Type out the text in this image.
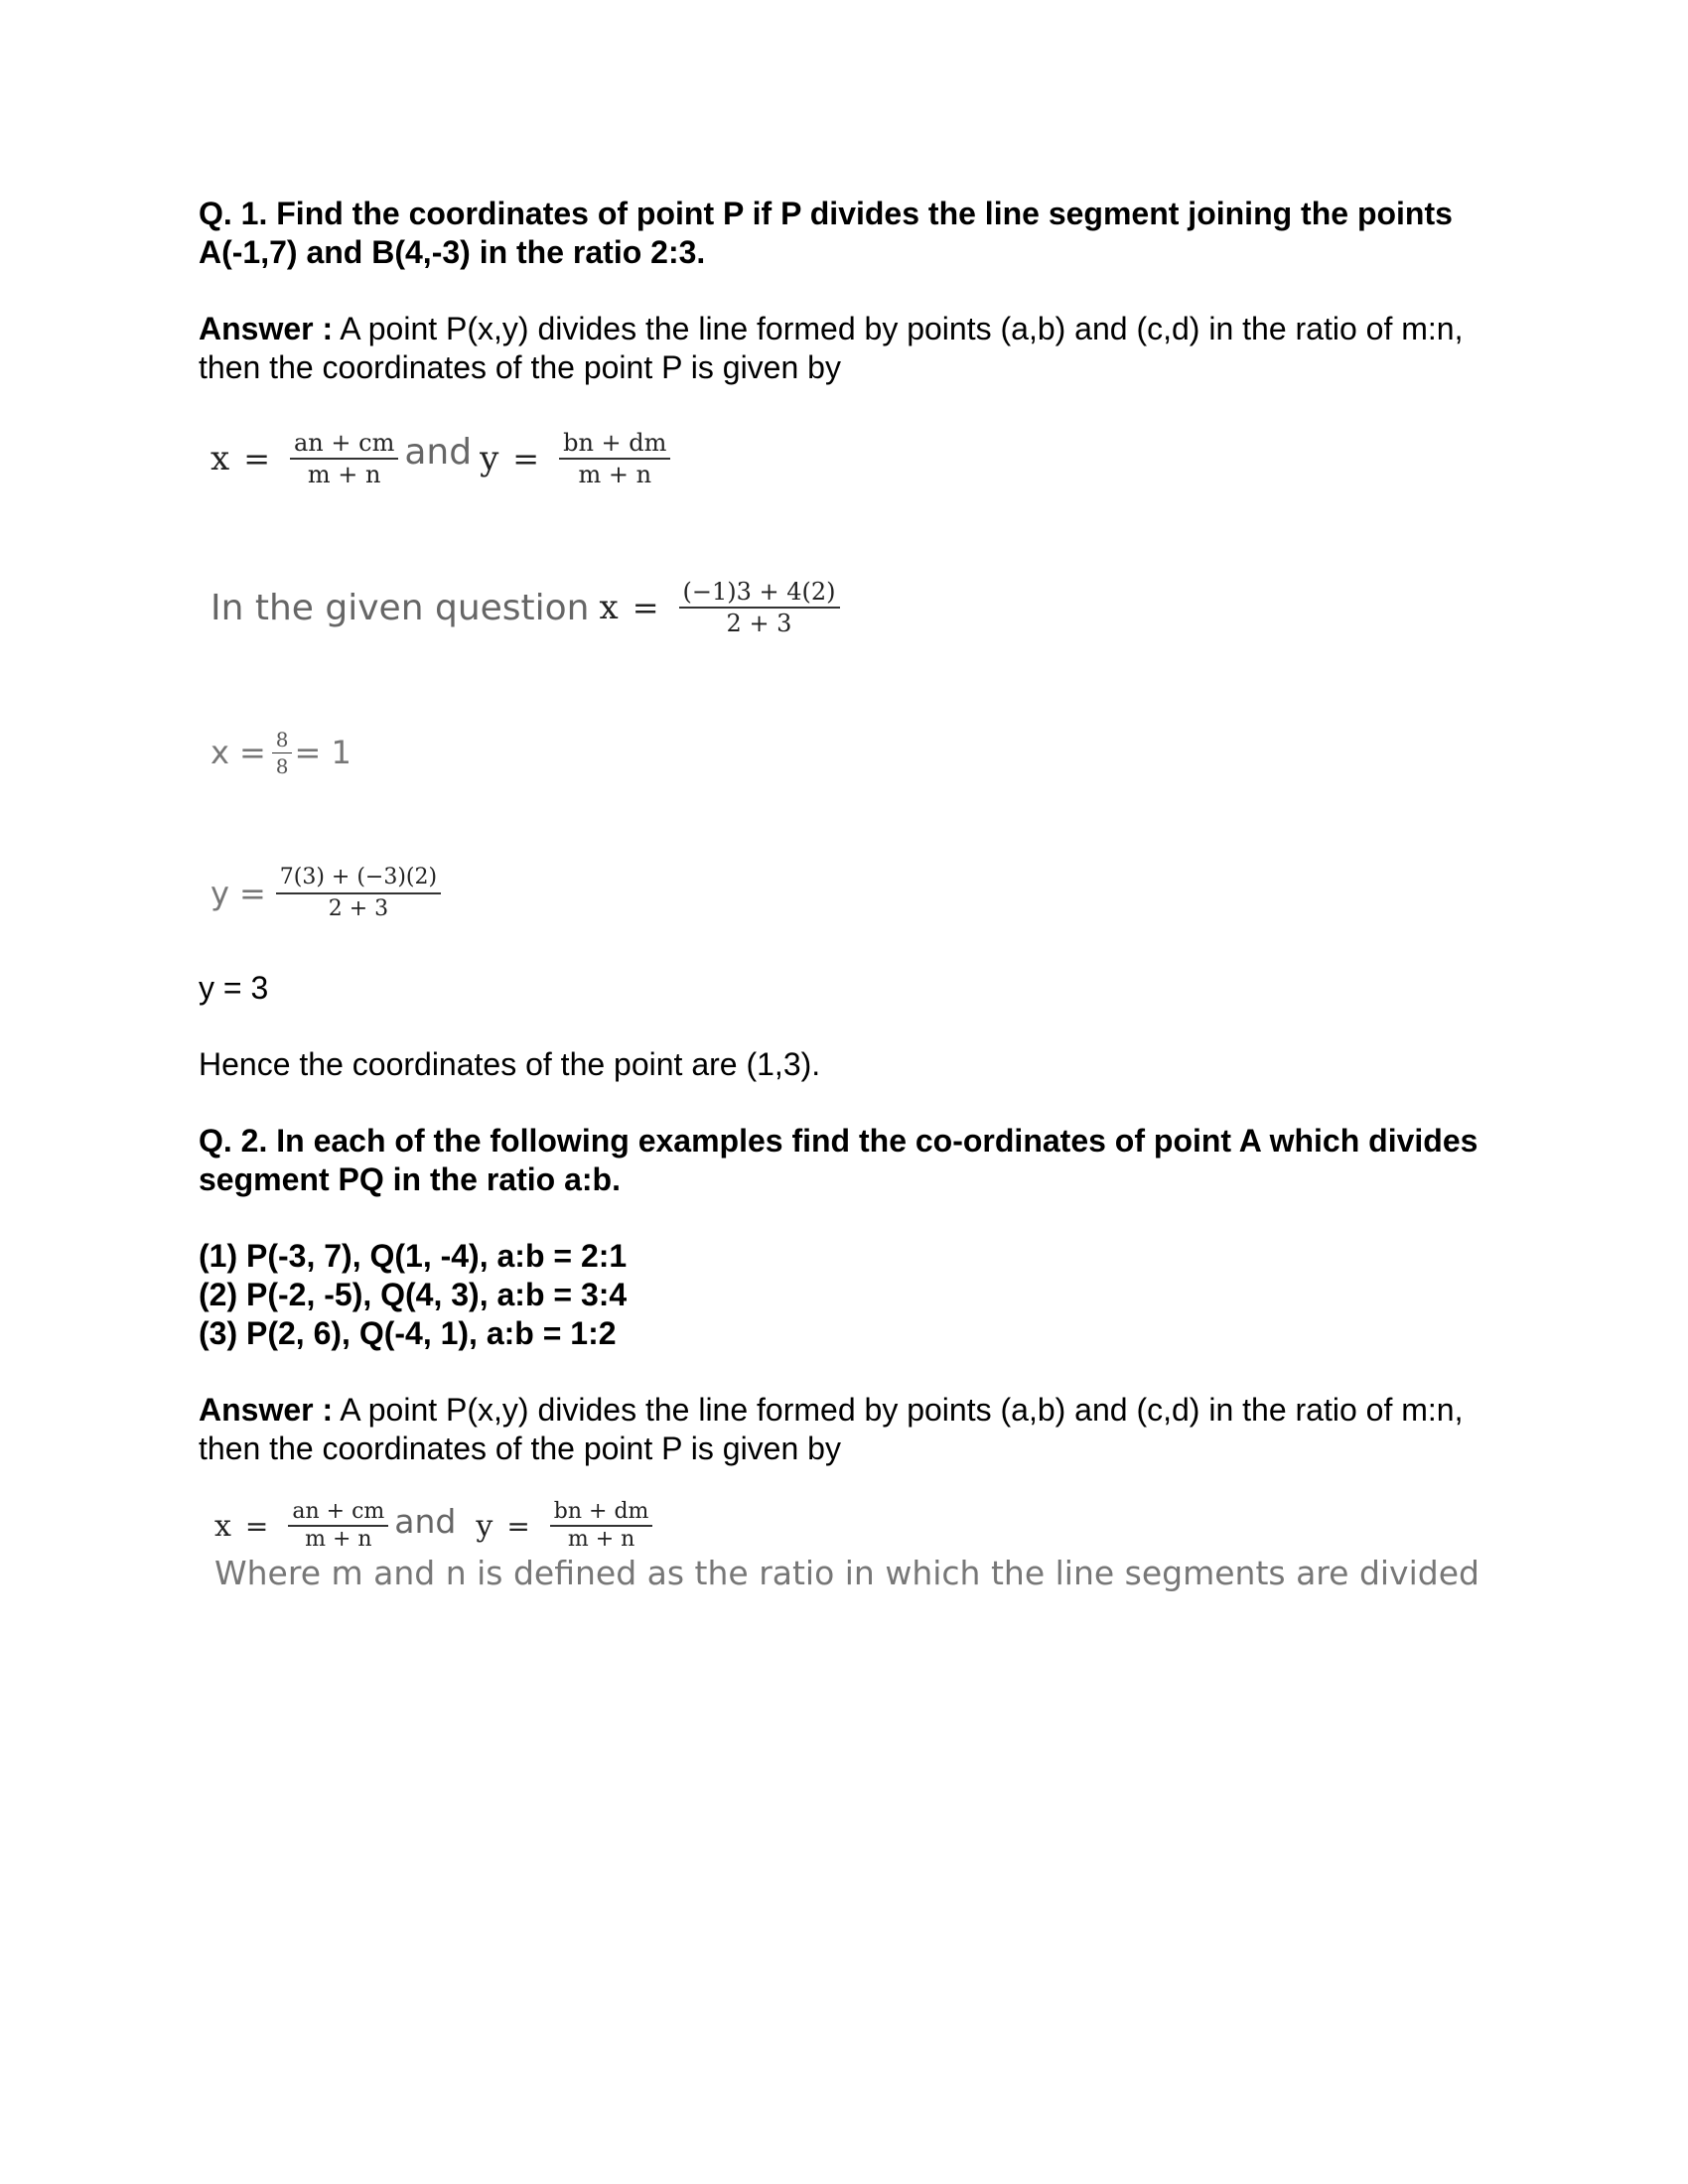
Q. 1. Find the coordinates of point P if P divides the line segment joining the points A(-1,7) and B(4,-3) in the ratio 2:3.

Answer : A point P(x,y) divides the line formed by points (a,b) and (c,d) in the ratio of m:n, then the coordinates of the point P is given by

$x = \frac{an + cm}{m + n}$ and $y = \frac{bn + dm}{m + n}$
In the given question $x = \frac{(-1)3 + 4(2)}{2 + 3}$
$x = \frac{8}{8} = 1$
$y = \frac{7(3) + (-3)(2)}{2 + 3}$

y = 3

Hence the coordinates of the point are (1,3).

Q. 2. In each of the following examples find the co-ordinates of point A which divides segment PQ in the ratio a:b.

(1) P(-3, 7), Q(1, -4), a:b = 2:1

(2) P(-2, -5), Q(4, 3), a:b = 3:4

(3) P(2, 6), Q(-4, 1), a:b = 1:2

Answer : A point P(x,y) divides the line formed by points (a,b) and (c,d) in the ratio of m:n, then the coordinates of the point P is given by

$x = \frac{an + cm}{m + n}$ and $y = \frac{bn + dm}{m + n}$

Where m and n is defined as the ratio in which the line segments are divided
